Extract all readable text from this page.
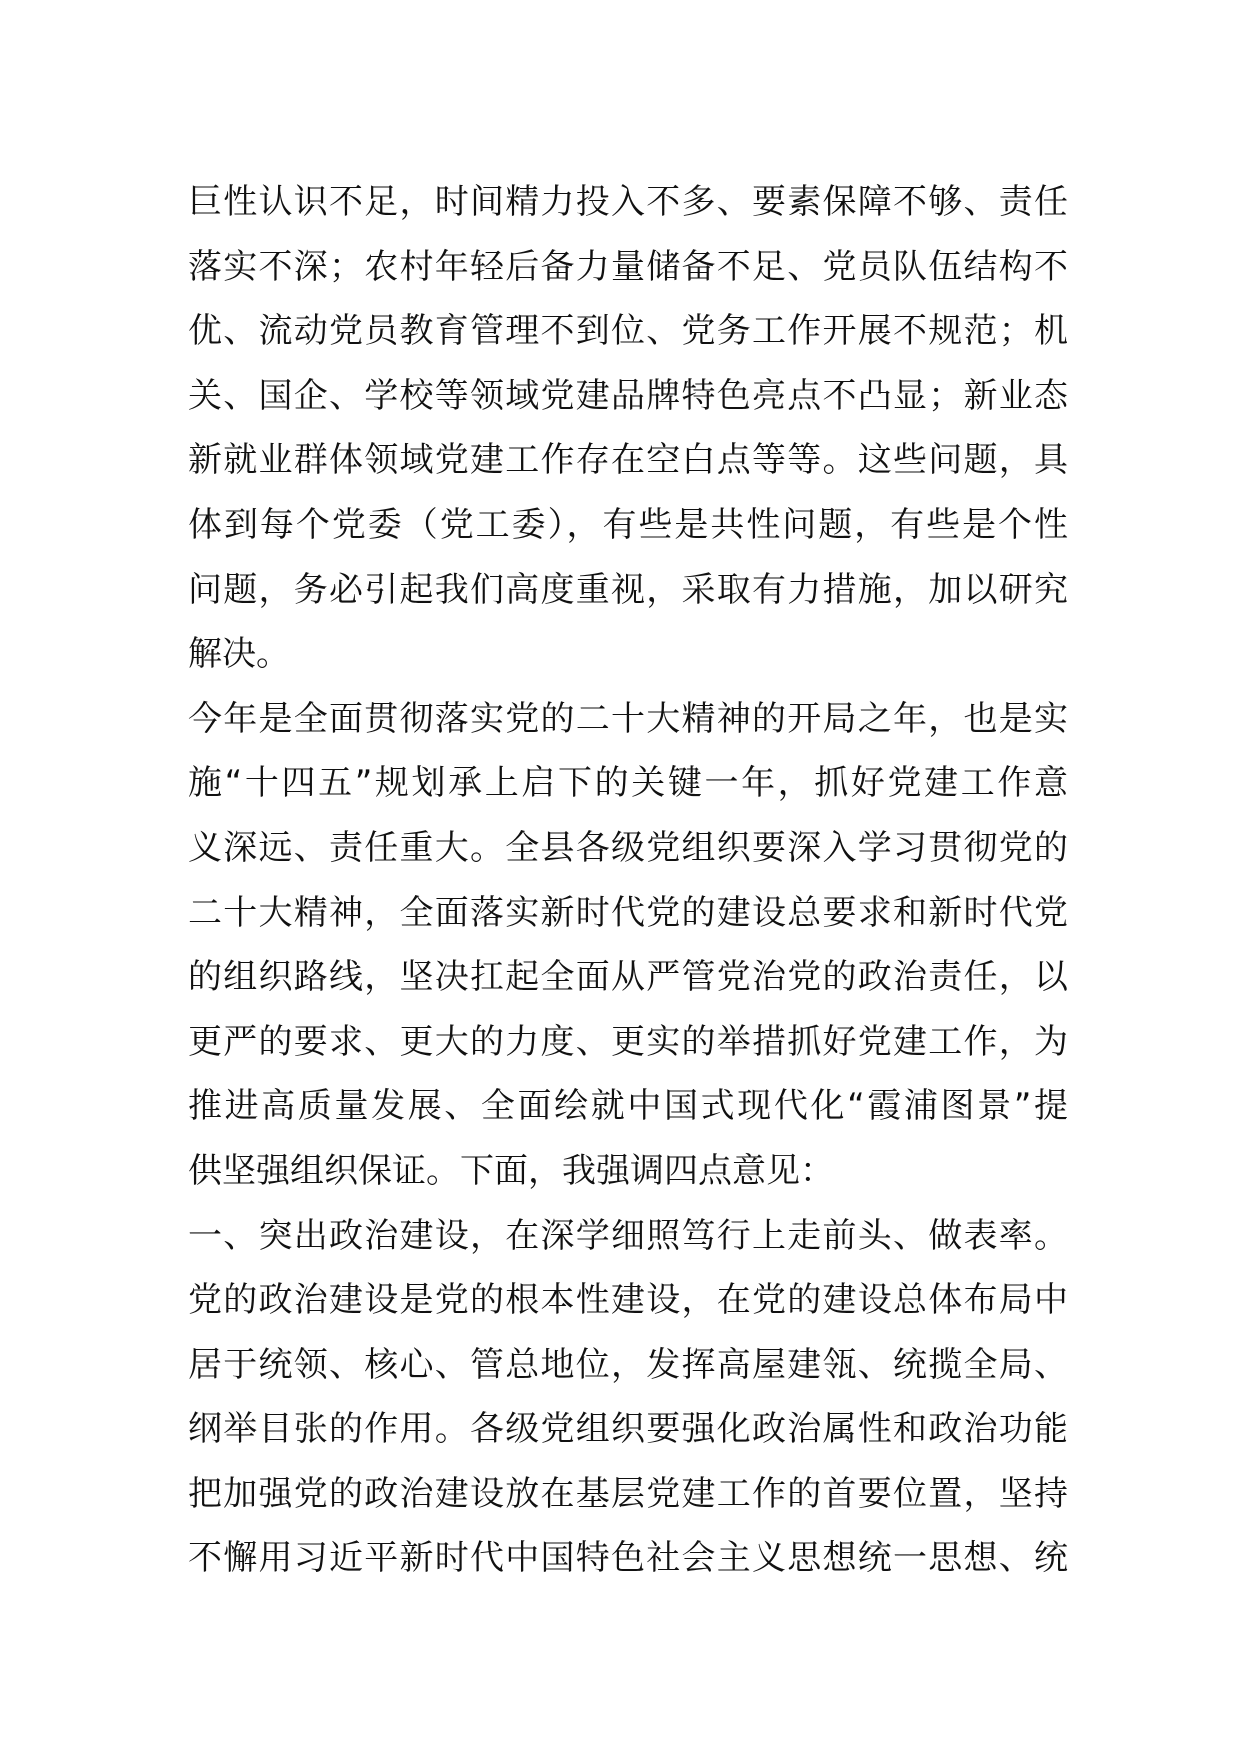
巨性认识不足，时间精力投入不多、要素保障不够、责任
落实不深；农村年轻后备力量储备不足、党员队伍结构不
优、流动党员教育管理不到位、党务工作开展不规范；机
关、国企、学校等领域党建品牌特色亮点不凸显；新业态
新就业群体领域党建工作存在空白点等等。这些问题，具
体到每个党委（党工委），有些是共性问题，有些是个性
问题，务必引起我们高度重视，采取有力措施，加以研究
解决。
今年是全面贯彻落实党的二十大精神的开局之年，也是实
施“十四五”规划承上启下的关键一年，抓好党建工作意
义深远、责任重大。全县各级党组织要深入学习贯彻党的
二十大精神，全面落实新时代党的建设总要求和新时代党
的组织路线，坚决扛起全面从严管党治党的政治责任，以
更严的要求、更大的力度、更实的举措抓好党建工作，为
推进高质量发展、全面绘就中国式现代化“霞浦图景”提
供坚强组织保证。下面，我强调四点意见：
一、突出政治建设，在深学细照笃行上走前头、做表率。
党的政治建设是党的根本性建设，在党的建设总体布局中
居于统领、核心、管总地位，发挥高屋建瓴、统揽全局、
纲举目张的作用。各级党组织要强化政治属性和政治功能
把加强党的政治建设放在基层党建工作的首要位置，坚持
不懈用习近平新时代中国特色社会主义思想统一思想、统
